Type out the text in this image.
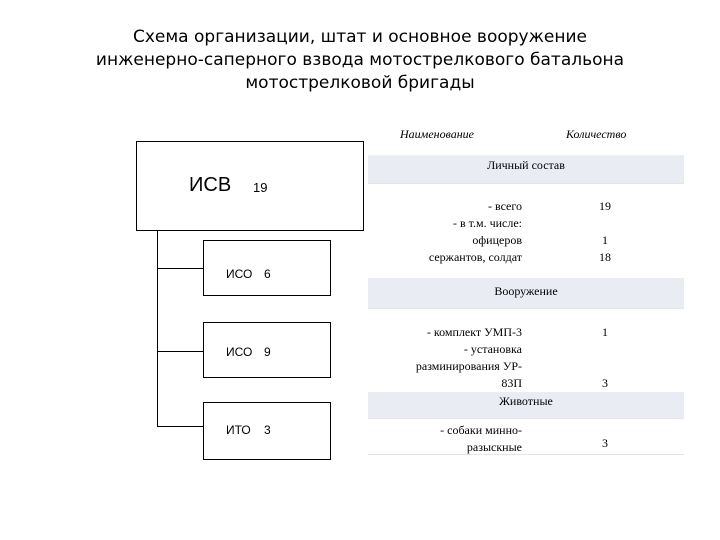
Схема организации, штат и основное вооружение
инженерно-саперного взвода мотострелкового батальона
мотострелковой бригады
ИСВ 19
ИСО 6
ИСО 9
ИТО 3
Наименование	Количество
Личный состав
- всего
- в т.м. числе:
офицеров
сержантов, солдат
19
1
18
Вооружение
- комплект УМП-3
- установка
разминирования УР-
83П
1
3
Животные
- собаки минно-
разыскные	3
